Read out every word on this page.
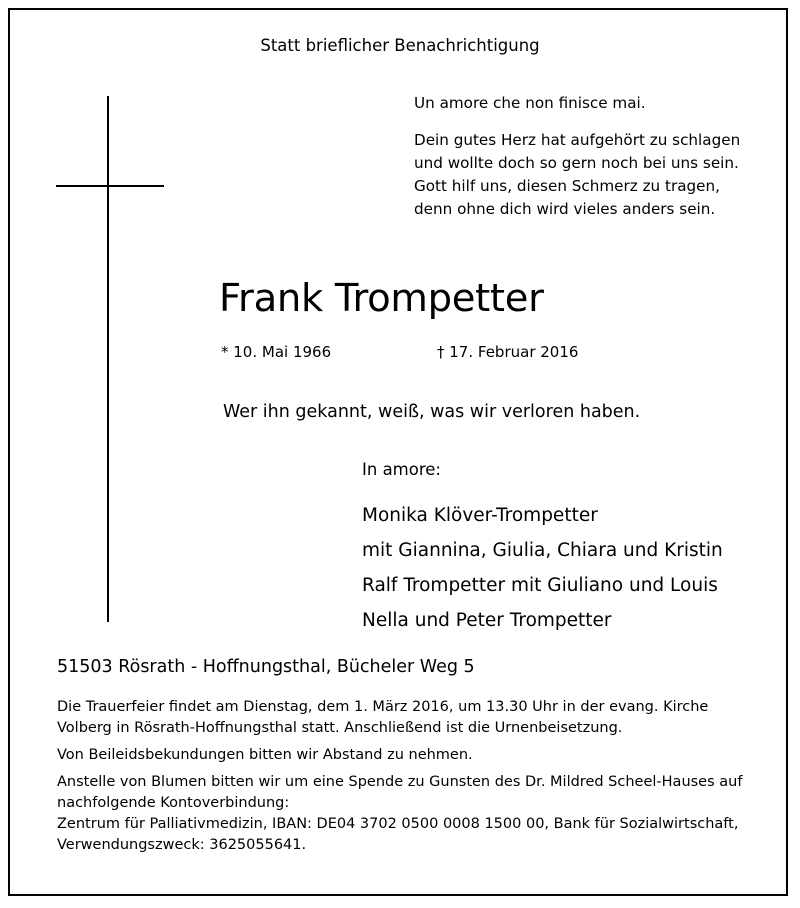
Statt brieflicher Benachrichtigung
Un amore che non finisce mai.
Dein gutes Herz hat aufgehört zu schlagen
und wollte doch so gern noch bei uns sein.
Gott hilf uns, diesen Schmerz zu tragen,
denn ohne dich wird vieles anders sein.
Frank Trompetter
* 10. Mai 1966	† 17. Februar 2016
Wer ihn gekannt, weiß, was wir verloren haben.
In amore:
Monika Klöver-Trompetter
mit Giannina, Giulia, Chiara und Kristin
Ralf Trompetter mit Giuliano und Louis
Nella und Peter Trompetter
51503 Rösrath - Hoffnungsthal, Bücheler Weg 5

Die Trauerfeier findet am Dienstag, dem 1. März 2016, um 13.30 Uhr in der evang. Kirche Volberg in Rösrath-Hoffnungsthal statt. Anschließend ist die Urnenbeisetzung.

Von Beileidsbekundungen bitten wir Abstand zu nehmen.

Anstelle von Blumen bitten wir um eine Spende zu Gunsten des Dr. Mildred Scheel-Hauses auf nachfolgende Kontoverbindung:

Zentrum für Palliativmedizin, IBAN: DE04 3702 0500 0008 1500 00, Bank für Sozialwirtschaft,

Verwendungszweck: 3625055641.
